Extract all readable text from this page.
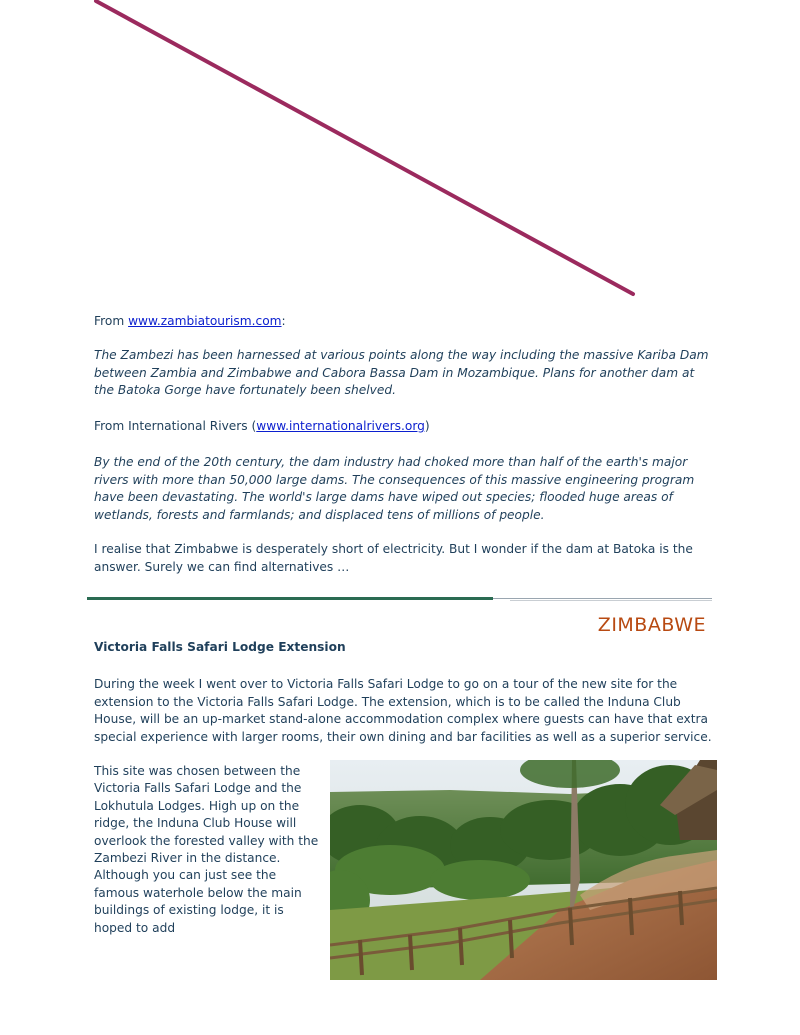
From www.zambiatourism.com:

The Zambezi has been harnessed at various points along the way including the massive Kariba Dam between Zambia and Zimbabwe and Cabora Bassa Dam in Mozambique. Plans for another dam at the Batoka Gorge have fortunately been shelved.

From International Rivers (www.internationalrivers.org)

By the end of the 20th century, the dam industry had choked more than half of the earth's major rivers with more than 50,000 large dams. The consequences of this massive engineering program have been devastating. The world's large dams have wiped out species; flooded huge areas of wetlands, forests and farmlands; and displaced tens of millions of people.

I realise that Zimbabwe is desperately short of electricity. But I wonder if the dam at Batoka is the answer. Surely we can find alternatives …

ZIMBABWE

Victoria Falls Safari Lodge Extension

During the week I went over to Victoria Falls Safari Lodge to go on a tour of the new site for the extension to the Victoria Falls Safari Lodge. The extension, which is to be called the Induna Club House, will be an up-market stand-alone accommodation complex where guests can have that extra special experience with larger rooms, their own dining and bar facilities as well as a superior service.

This site was chosen between the Victoria Falls Safari Lodge and the Lokhutula Lodges. High up on the ridge, the Induna Club House will overlook the forested valley with the Zambezi River in the distance. Although you can just see the famous waterhole below the main buildings of existing lodge, it is hoped to add
